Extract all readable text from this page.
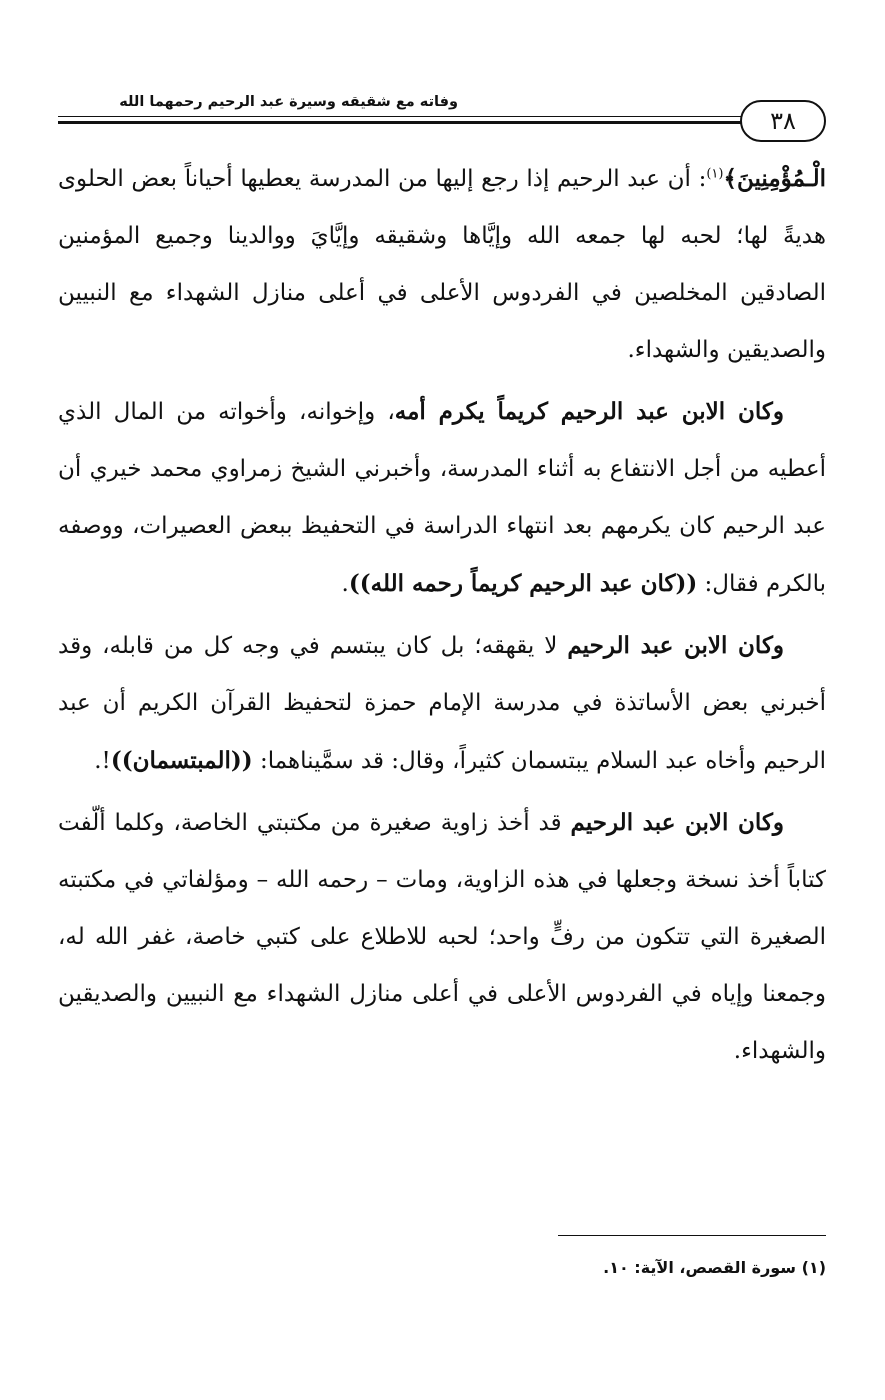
وفاته مع شقيقه وسيرة عبد الرحيم رحمهما الله
٣٨

الْـمُؤْمِنِينَ﴾$^{(١)}$: أن عبد الرحيم إذا رجع إليها من المدرسة يعطيها أحياناً بعض الحلوى هديةً لها؛ لحبه لها جمعه الله وإيَّاها وشقيقه وإيَّايَ ووالدينا وجميع المؤمنين الصادقين المخلصين في الفردوس الأعلى في أعلى منازل الشهداء مع النبيين والصديقين والشهداء.

وكان الابن عبد الرحيم كريماً يكرم أمه، وإخوانه، وأخواته من المال الذي أعطيه من أجل الانتفاع به أثناء المدرسة، وأخبرني الشيخ زمراوي محمد خيري أن عبد الرحيم كان يكرمهم بعد انتهاء الدراسة في التحفيظ ببعض العصيرات، ووصفه بالكرم فقال: ((كان عبد الرحيم كريماً رحمه الله)).

وكان الابن عبد الرحيم لا يقهقه؛ بل كان يبتسم في وجه كل من قابله، وقد أخبرني بعض الأساتذة في مدرسة الإمام حمزة لتحفيظ القرآن الكريم أن عبد الرحيم وأخاه عبد السلام يبتسمان كثيراً، وقال: قد سمَّيناهما: ((المبتسمان))!.

وكان الابن عبد الرحيم قد أخذ زاوية صغيرة من مكتبتي الخاصة، وكلما ألّفت كتاباً أخذ نسخة وجعلها في هذه الزاوية، ومات – رحمه الله – ومؤلفاتي في مكتبته الصغيرة التي تتكون من رفٍّ واحد؛ لحبه للاطلاع على كتبي خاصة، غفر الله له، وجمعنا وإياه في الفردوس الأعلى في أعلى منازل الشهداء مع النبيين والصديقين والشهداء.

(١) سورة القصص، الآية: ١٠.
